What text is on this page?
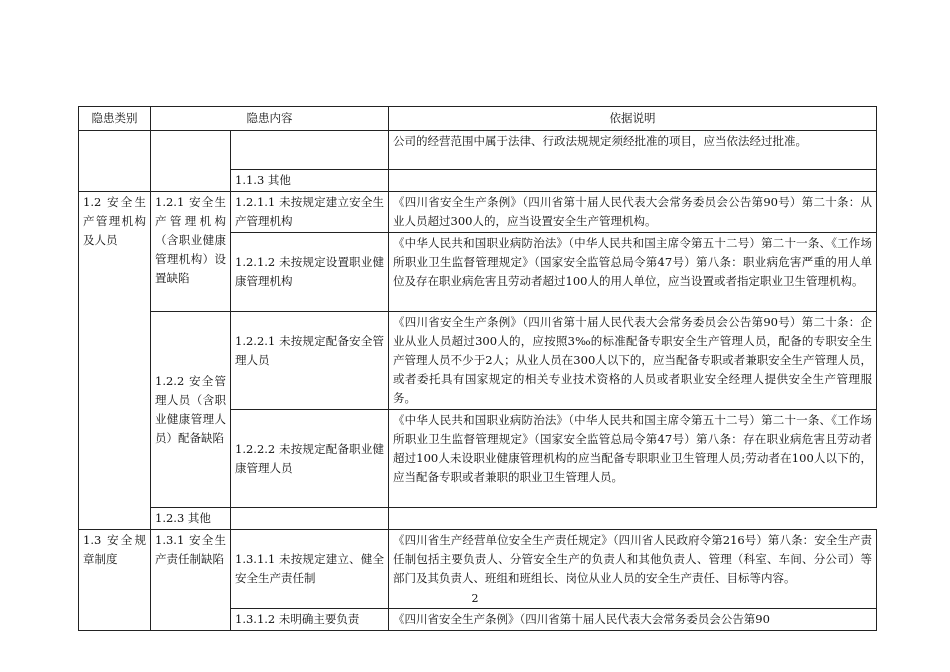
隐患类别	隐患内容		依据说明
			公司的经营范围中属于法律、行政法规规定须经批准的项目，应当依法经过批准。
		1.1.3 其他	
1.2 安全生产管理机构及人员	1.2.1 安全生产管理机构（含职业健康管理机构）设置缺陷	1.2.1.1 未按规定建立安全生产管理机构	《四川省安全生产条例》（四川省第十届人民代表大会常务委员会公告第90号）第二十条：从业人员超过300人的，应当设置安全生产管理机构。
		1.2.1.2 未按规定设置职业健康管理机构	《中华人民共和国职业病防治法》（中华人民共和国主席令第五十二号）第二十一条、《工作场所职业卫生监督管理规定》（国家安全监管总局令第47号）第八条：职业病危害严重的用人单位及存在职业病危害且劳动者超过100人的用人单位，应当设置或者指定职业卫生管理机构。
	1.2.2 安全管理人员（含职业健康管理人员）配备缺陷	1.2.2.1 未按规定配备安全管理人员	《四川省安全生产条例》（四川省第十届人民代表大会常务委员会公告第90号）第二十条：企业从业人员超过300人的，应按照3‰的标准配备专职安全生产管理人员，配备的专职安全生产管理人员不少于2人；从业人员在300人以下的，应当配备专职或者兼职安全生产管理人员，或者委托具有国家规定的相关专业技术资格的人员或者职业安全经理人提供安全生产管理服务。
		1.2.2.2 未按规定配备职业健康管理人员	《中华人民共和国职业病防治法》（中华人民共和国主席令第五十二号）第二十一条、《工作场所职业卫生监督管理规定》（国家安全监管总局令第47号）第八条：存在职业病危害且劳动者超过100人未设职业健康管理机构的应当配备专职职业卫生管理人员;劳动者在100人以下的，应当配备专职或者兼职的职业卫生管理人员。
	1.2.3 其他		
1.3 安全规章制度	1.3.1 安全生产责任制缺陷	1.3.1.1 未按规定建立、健全安全生产责任制	《四川省生产经营单位安全生产责任规定》（四川省人民政府令第216号）第八条：安全生产责任制包括主要负责人、分管安全生产的负责人和其他负责人、管理（科室、车间、分公司）等部门及其负责人、班组和班组长、岗位从业人员的安全生产责任、目标等内容。
		1.3.1.2 未明确主要负责	《四川省安全生产条例》（四川省第十届人民代表大会常务委员会公告第90
2
